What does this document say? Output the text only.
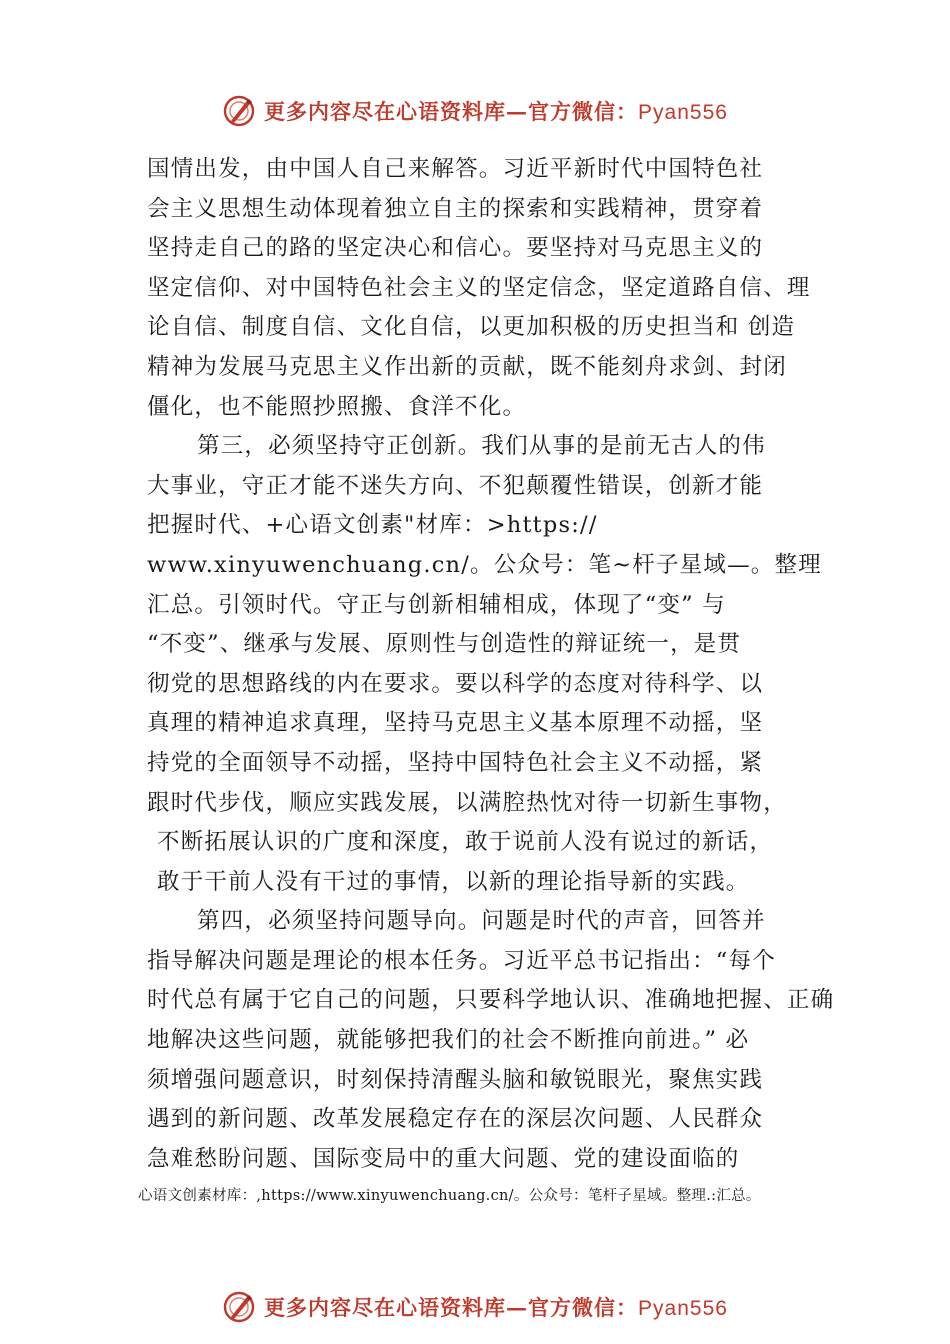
更多内容尽在心语资料库—官方微信：Pyan556
国情出发，由中国人自己来解答。习近平新时代中国特色社
会主义思想生动体现着独立自主的探索和实践精神，贯穿着
坚持走自己的路的坚定决心和信心。要坚持对马克思主义的
坚定信仰、对中国特色社会主义的坚定信念，坚定道路自信、理
论自信、制度自信、文化自信，以更加积极的历史担当和 创造
精神为发展马克思主义作出新的贡献，既不能刻舟求剑、封闭
僵化，也不能照抄照搬、食洋不化。
第三，必须坚持守正创新。我们从事的是前无古人的伟
大事业，守正才能不迷失方向、不犯颠覆性错误，创新才能
把握时代、+心语文创素"材库：>https://
www.xinyuwenchuang.cn/。公众号：笔~杆子星域—。整理
汇总。引领时代。守正与创新相辅相成，体现了“变” 与
“不变”、继承与发展、原则性与创造性的辩证统一，是贯
彻党的思想路线的内在要求。要以科学的态度对待科学、以
真理的精神追求真理，坚持马克思主义基本原理不动摇，坚
持党的全面领导不动摇，坚持中国特色社会主义不动摇，紧
跟时代步伐，顺应实践发展，以满腔热忱对待一切新生事物，
不断拓展认识的广度和深度，敢于说前人没有说过的新话，
敢于干前人没有干过的事情，以新的理论指导新的实践。
第四，必须坚持问题导向。问题是时代的声音，回答并
指导解决问题是理论的根本任务。习近平总书记指出：“每个
时代总有属于它自己的问题，只要科学地认识、准确地把握、正确
地解决这些问题，就能够把我们的社会不断推向前进。” 必
须增强问题意识，时刻保持清醒头脑和敏锐眼光，聚焦实践
遇到的新问题、改革发展稳定存在的深层次问题、人民群众
急难愁盼问题、国际变局中的重大问题、党的建设面临的
心语文创素材库：,https://www.xinyuwenchuang.cn/。公众号：笔杆子星域。整理.:汇总。
更多内容尽在心语资料库—官方微信：Pyan556
